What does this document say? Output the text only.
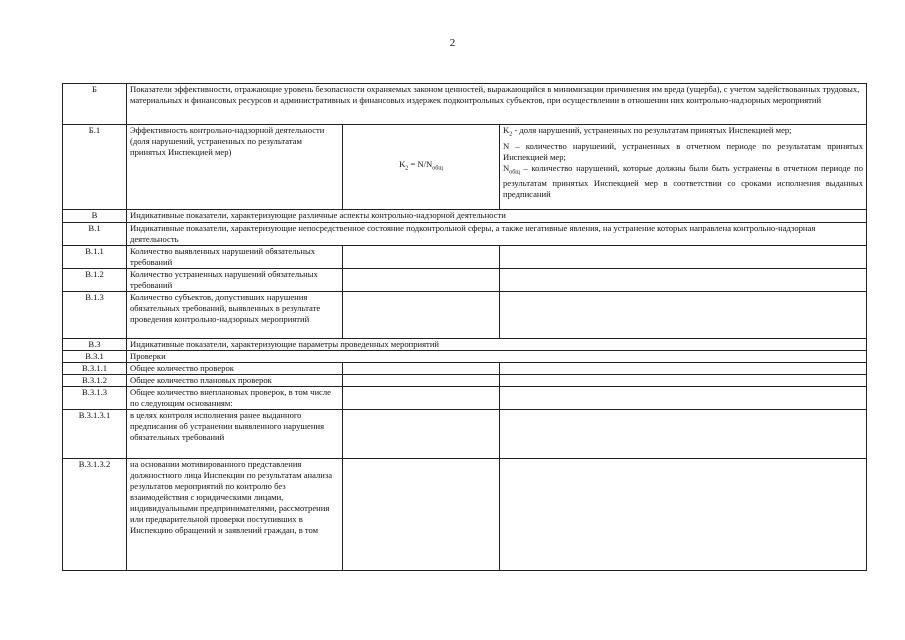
2
Б	Показатели эффективности, отражающие уровень безопасности охраняемых законом ценностей, выражающийся в минимизации причинения им вреда (ущерба), с учетом задействованных трудовых, материальных и финансовых ресурсов и административных и финансовых издержек подконтрольных субъектов, при осуществлении в отношении них контрольно-надзорных мероприятий		
Б.1	Эффективность контрольно-надзорной деятельности (доля нарушений, устраненных по результатам принятых Инспекцией мер)	$K_2 = N/N_{общ}$	$K_2$ - доля нарушений, устраненных по результатам принятых Инспекцией мер;
N – количество нарушений, устраненных в отчетном периоде по результатам принятых Инспекцией мер;
$N_{общ}$ – количество нарушений, которые должны были быть устранены в отчетном периоде по результатам принятых Инспекцией мер в соответствии со сроками исполнения выданных предписаний

В	Индикативные показатели, характеризующие различные аспекты контрольно-надзорной деятельности		
В.1	Индикативные показатели, характеризующие непосредственное состояние подконтрольной сферы, а также негативные явления, на устранение которых направлена контрольно-надзорная деятельность		
В.1.1	Количество выявленных нарушений обязательных требований		
В.1.2	Количество устраненных нарушений обязательных требований		
В.1.3	Количество субъектов, допустивших нарушения обязательных требований, выявленных в результате проведения контрольно-надзорных мероприятий		
В.3	Индикативные показатели, характеризующие параметры проведенных мероприятий		
В.3.1	Проверки		
В.3.1.1	Общее количество проверок		
В.3.1.2	Общее количество плановых проверок		
В.3.1.3	Общее количество внеплановых проверок, в том числе по следующим основаниям:		
В.3.1.3.1	в целях контроля исполнения ранее выданного предписания об устранении выявленного нарушения обязательных требований		
В.3.1.3.2	на основании мотивированного представления должностного лица Инспекции по результатам анализа результатов мероприятий по контролю без взаимодействия с юридическими лицами, индивидуальными предпринимателями, рассмотрения или предварительной проверки поступивших в Инспекцию обращений и заявлений граждан, в том		
